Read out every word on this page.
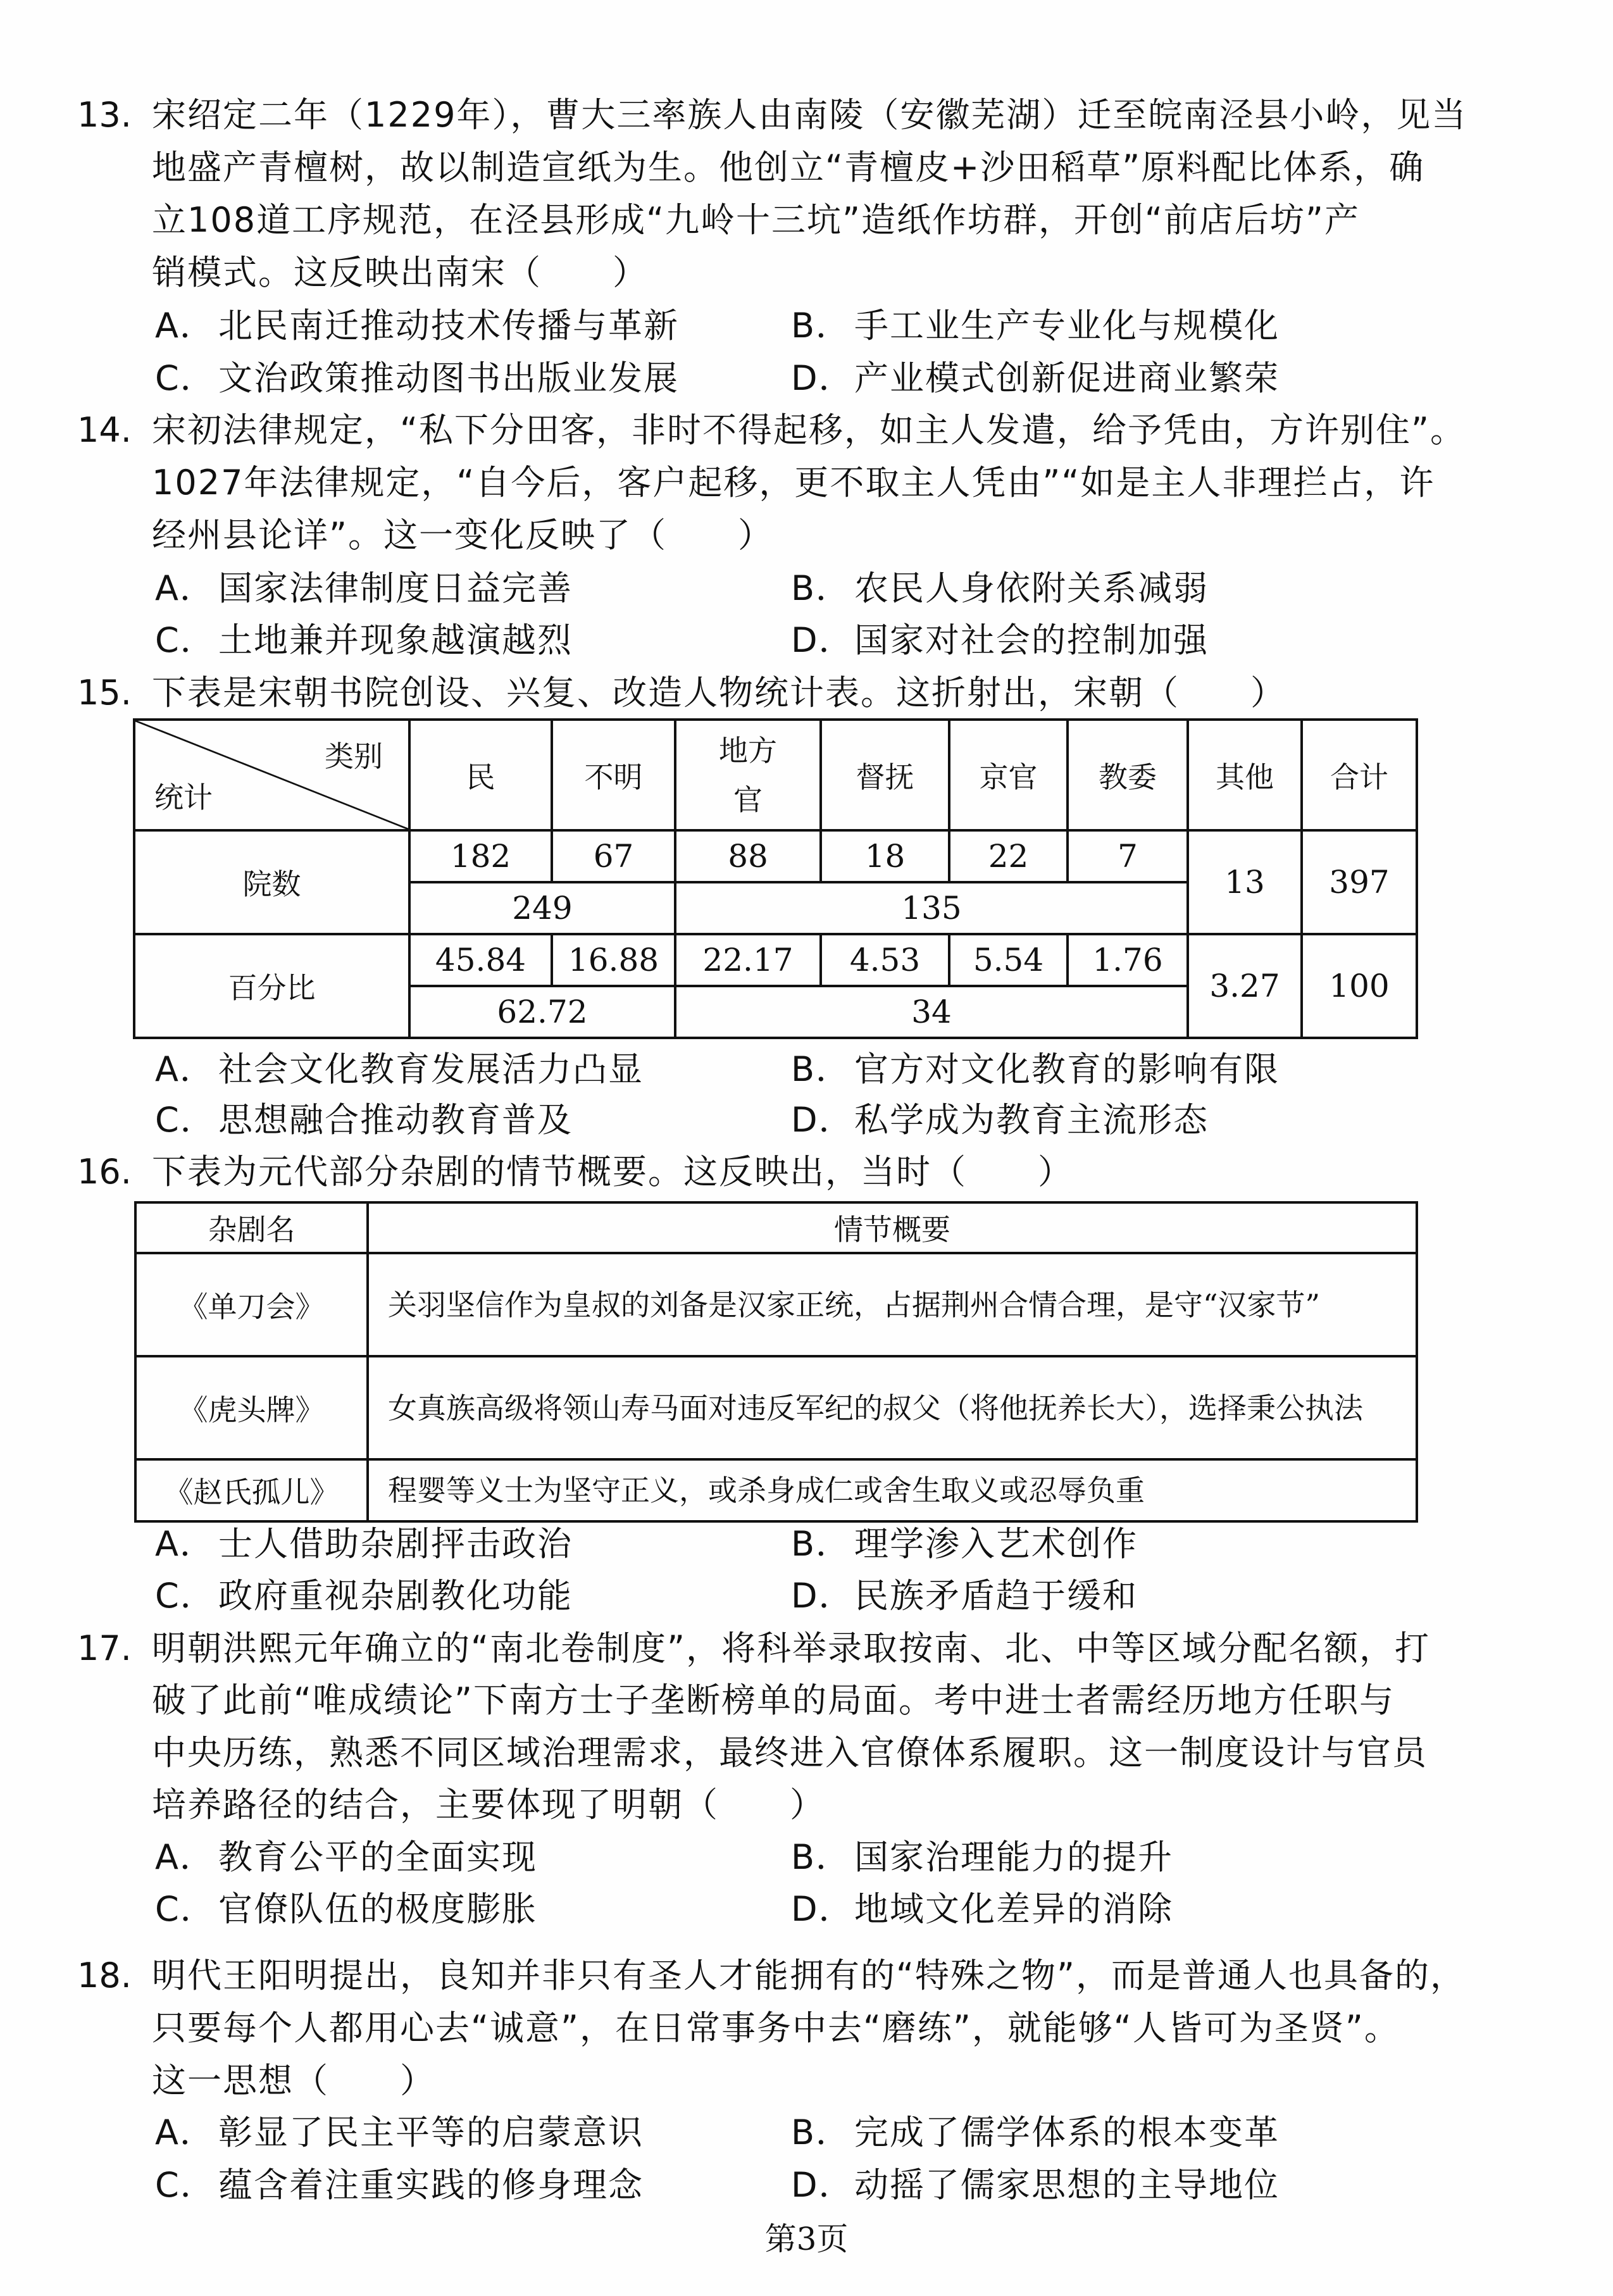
13. 宋绍定二年（1229年），曹大三率族人由南陵（安徽芜湖）迁至皖南泾县小岭，见当
地盛产青檀树，故以制造宣纸为生。他创立“青檀皮+沙田稻草”原料配比体系，确
立108道工序规范，在泾县形成“九岭十三坑”造纸作坊群，开创“前店后坊”产
销模式。这反映出南宋（　　）
A．北民南迁推动技术传播与革新	B．手工业生产专业化与规模化
C．文治政策推动图书出版业发展	D．产业模式创新促进商业繁荣
14. 宋初法律规定，“私下分田客，非时不得起移，如主人发遣，给予凭由，方许别住”。
1027年法律规定，“自今后，客户起移，更不取主人凭由”“如是主人非理拦占，许
经州县论详”。这一变化反映了（　　）
A．国家法律制度日益完善	B．农民人身依附关系减弱
C．土地兼并现象越演越烈	D．国家对社会的控制加强
15. 下表是宋朝书院创设、兴复、改造人物统计表。这折射出，宋朝（　　）
类别
统计	民	不明	地方官	督抚	京官	教委	其他	合计
院数	182	67	88	18	22	7	13	397
	249		135					
百分比	45.84	16.88	22.17	4.53	5.54	1.76	3.27	100
	62.72		34					
A．社会文化教育发展活力凸显	B．官方对文化教育的影响有限
C．思想融合推动教育普及	D．私学成为教育主流形态
16. 下表为元代部分杂剧的情节概要。这反映出，当时（　　）
杂剧名	情节概要
《单刀会》	关羽坚信作为皇叔的刘备是汉家正统，占据荆州合情合理，是守“汉家节”
《虎头牌》	女真族高级将领山寿马面对违反军纪的叔父（将他抚养长大），选择秉公执法
《赵氏孤儿》	程婴等义士为坚守正义，或杀身成仁或舍生取义或忍辱负重
A．士人借助杂剧抨击政治	B．理学渗入艺术创作
C．政府重视杂剧教化功能	D．民族矛盾趋于缓和
17. 明朝洪熙元年确立的“南北卷制度”，将科举录取按南、北、中等区域分配名额，打
破了此前“唯成绩论”下南方士子垄断榜单的局面。考中进士者需经历地方任职与
中央历练，熟悉不同区域治理需求，最终进入官僚体系履职。这一制度设计与官员
培养路径的结合，主要体现了明朝（　　）
A．教育公平的全面实现	B．国家治理能力的提升
C．官僚队伍的极度膨胀	D．地域文化差异的消除
18. 明代王阳明提出，良知并非只有圣人才能拥有的“特殊之物”，而是普通人也具备的，
只要每个人都用心去“诚意”，在日常事务中去“磨练”，就能够“人皆可为圣贤”。
这一思想（　　）
A．彰显了民主平等的启蒙意识	B．完成了儒学体系的根本变革
C．蕴含着注重实践的修身理念	D．动摇了儒家思想的主导地位
第3页
